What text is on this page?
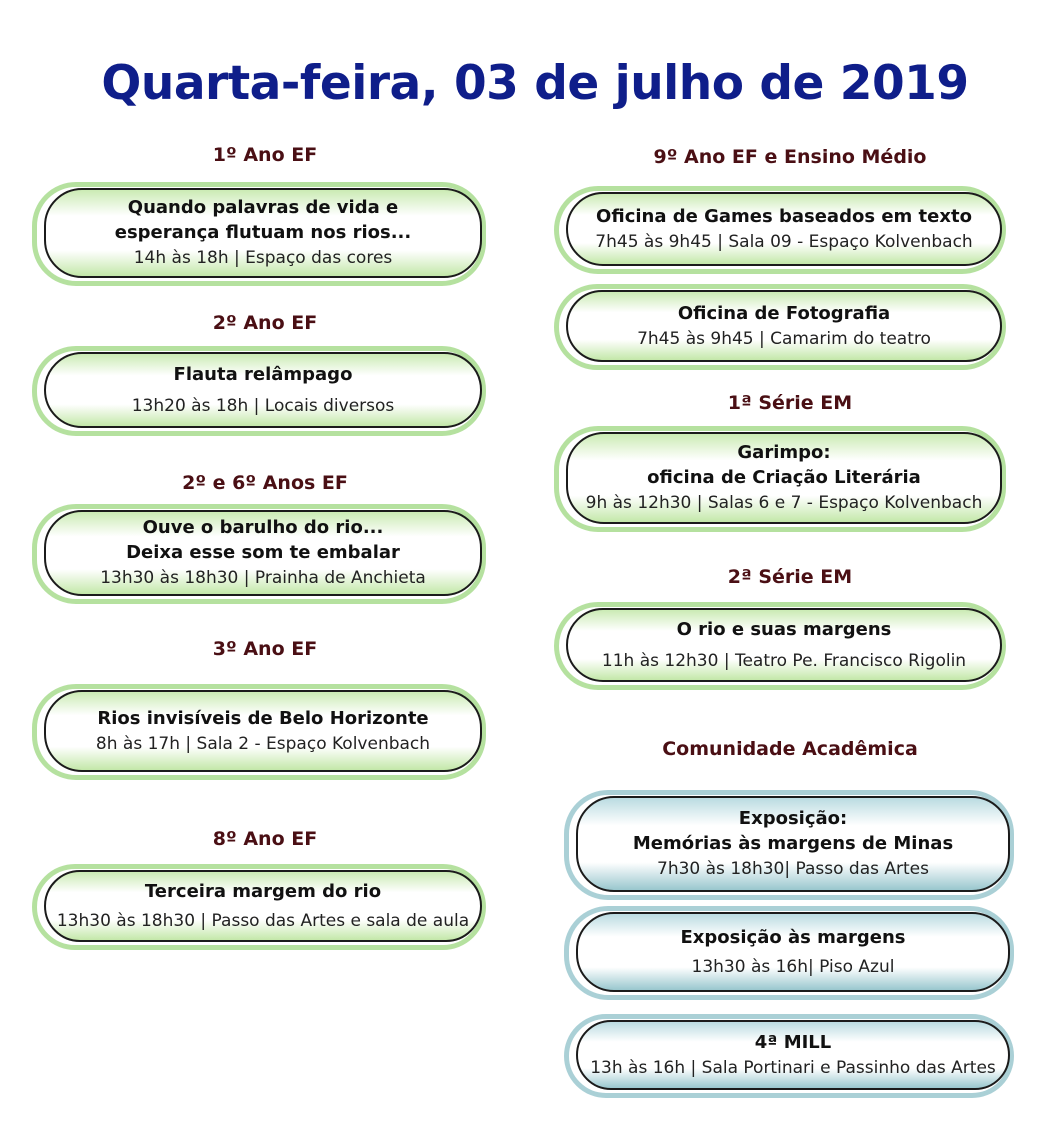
Quarta-feira, 03 de julho de 2019
1º Ano EF
Quando palavras de vida e
esperança flutuam nos rios...
14h às 18h | Espaço das cores
2º Ano EF
Flauta relâmpago
13h20 às 18h | Locais diversos
2º e 6º Anos EF
Ouve o barulho do rio...
Deixa esse som te embalar
13h30 às 18h30 | Prainha de Anchieta
3º Ano EF
Rios invisíveis de Belo Horizonte
8h às 17h | Sala 2 - Espaço Kolvenbach
8º Ano EF
Terceira margem do rio
13h30 às 18h30 | Passo das Artes e sala de aula
9º Ano EF e Ensino Médio
Oficina de Games baseados em texto
7h45 às 9h45 | Sala 09 - Espaço Kolvenbach
Oficina de Fotografia
7h45 às 9h45 | Camarim do teatro
1ª Série EM
Garimpo:
oficina de Criação Literária
9h às 12h30 | Salas 6 e 7 - Espaço Kolvenbach
2ª Série EM
O rio e suas margens
11h às 12h30 | Teatro Pe. Francisco Rigolin
Comunidade Acadêmica
Exposição:
Memórias às margens de Minas
7h30 às 18h30| Passo das Artes
Exposição às margens
13h30 às 16h| Piso Azul
4ª MILL
13h às 16h | Sala Portinari e Passinho das Artes
